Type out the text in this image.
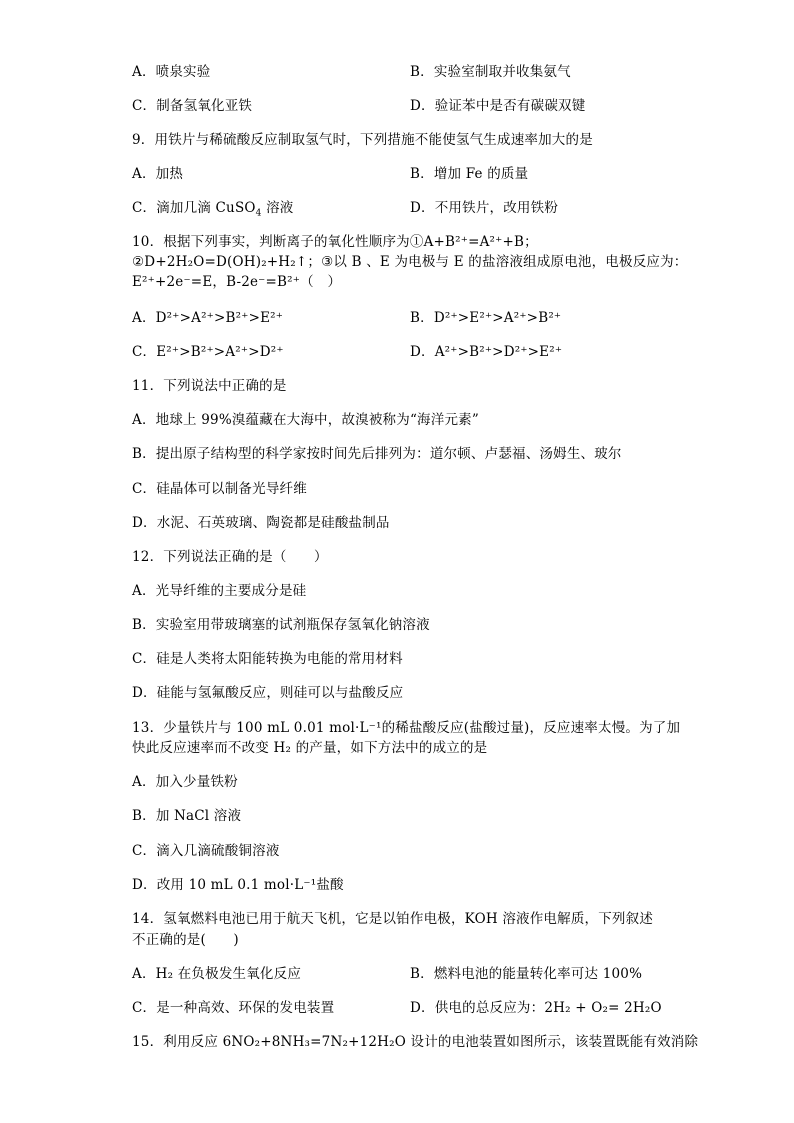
A．喷泉实验	B．实验室制取并收集氨气
C．制备氢氧化亚铁	D．验证苯中是否有碳碳双键
9．用铁片与稀硫酸反应制取氢气时，下列措施不能使氢气生成速率加大的是
A．加热	B．增加 Fe 的质量
C．滴加几滴 CuSO$_4$ 溶液	D．不用铁片，改用铁粉
10．根据下列事实，判断离子的氧化性顺序为①A+B²⁺=A²⁺+B；
②D+2H₂O=D(OH)₂+H₂↑；③以 B 、E 为电极与 E 的盐溶液组成原电池，电极反应为：
E²⁺+2e⁻=E，B-2e⁻=B²⁺（　）
A．D²⁺>A²⁺>B²⁺>E²⁺	B．D²⁺>E²⁺>A²⁺>B²⁺
C．E²⁺>B²⁺>A²⁺>D²⁺	D．A²⁺>B²⁺>D²⁺>E²⁺
11．下列说法中正确的是
A．地球上 99%溴蕴藏在大海中，故溴被称为“海洋元素”
B．提出原子结构型的科学家按时间先后排列为：道尔顿、卢瑟福、汤姆生、玻尔
C．硅晶体可以制备光导纤维
D．水泥、石英玻璃、陶瓷都是硅酸盐制品
12．下列说法正确的是（　　）
A．光导纤维的主要成分是硅
B．实验室用带玻璃塞的试剂瓶保存氢氧化钠溶液
C．硅是人类将太阳能转换为电能的常用材料
D．硅能与氢氟酸反应，则硅可以与盐酸反应
13．少量铁片与 100 mL 0.01 mol·L⁻¹的稀盐酸反应(盐酸过量)，反应速率太慢。为了加
快此反应速率而不改变 H₂ 的产量，如下方法中的成立的是
A．加入少量铁粉
B．加 NaCl 溶液
C．滴入几滴硫酸铜溶液
D．改用 10 mL 0.1 mol·L⁻¹盐酸
14．氢氧燃料电池已用于航天飞机，它是以铂作电极，KOH 溶液作电解质，下列叙述
不正确的是(　　)
A．H₂ 在负极发生氧化反应	B．燃料电池的能量转化率可达 100%
C．是一种高效、环保的发电装置	D．供电的总反应为：2H₂ + O₂= 2H₂O
15．利用反应 6NO₂+8NH₃=7N₂+12H₂O 设计的电池装置如图所示，该装置既能有效消除
